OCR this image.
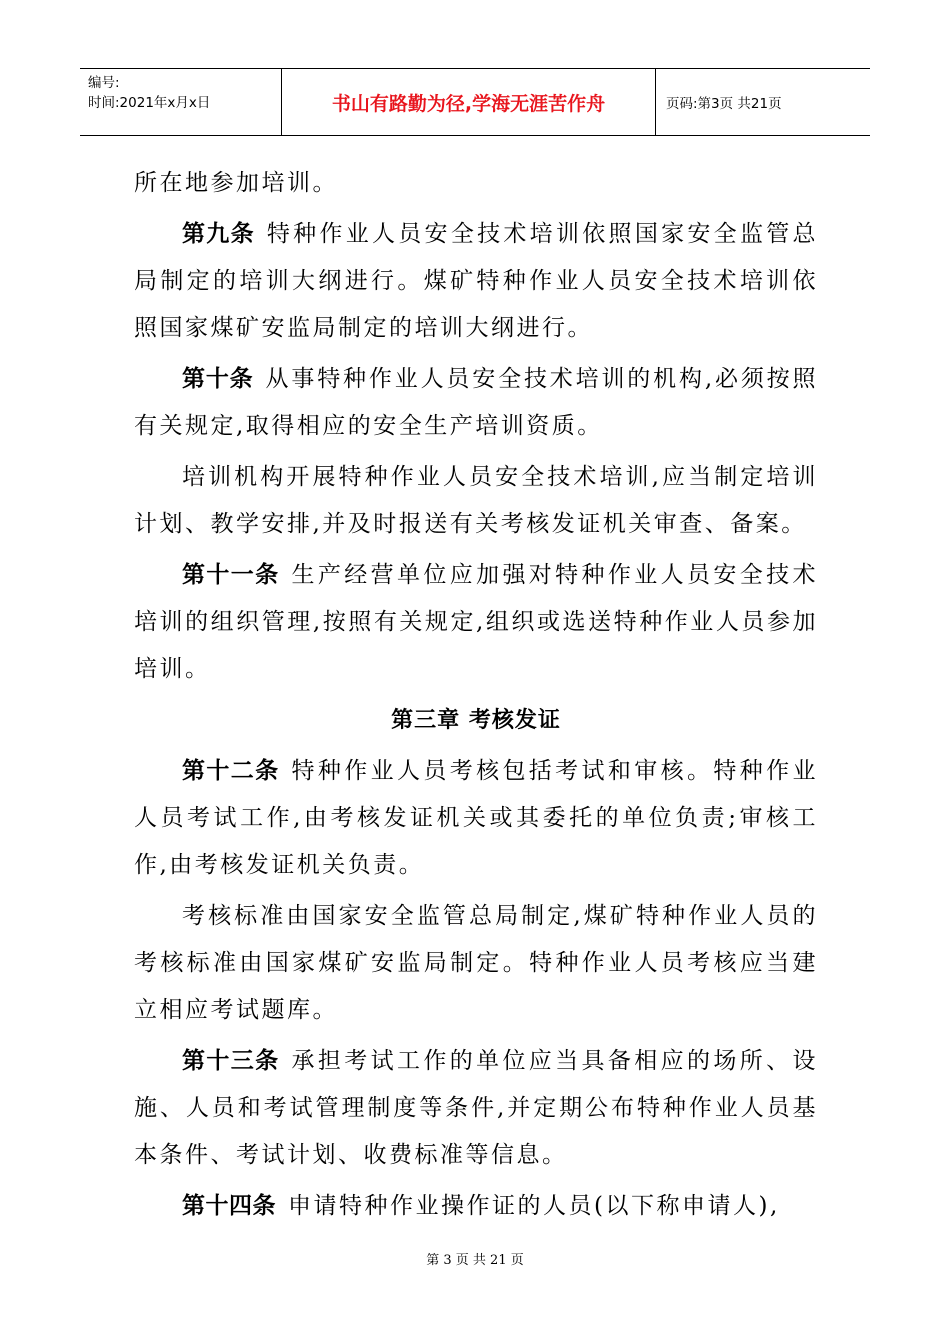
编号:
时间:2021年x月x日	书山有路勤为径,学海无涯苦作舟	页码:第3页 共21页

所在地参加培训。

第九条 特种作业人员安全技术培训依照国家安全监管总局制定的培训大纲进行。煤矿特种作业人员安全技术培训依照国家煤矿安监局制定的培训大纲进行。

第十条 从事特种作业人员安全技术培训的机构,必须按照有关规定,取得相应的安全生产培训资质。

培训机构开展特种作业人员安全技术培训,应当制定培训计划、教学安排,并及时报送有关考核发证机关审查、备案。

第十一条 生产经营单位应加强对特种作业人员安全技术培训的组织管理,按照有关规定,组织或选送特种作业人员参加培训。

第三章 考核发证

第十二条 特种作业人员考核包括考试和审核。特种作业人员考试工作,由考核发证机关或其委托的单位负责;审核工作,由考核发证机关负责。

考核标准由国家安全监管总局制定,煤矿特种作业人员的考核标准由国家煤矿安监局制定。特种作业人员考核应当建立相应考试题库。

第十三条 承担考试工作的单位应当具备相应的场所、设施、人员和考试管理制度等条件,并定期公布特种作业人员基本条件、考试计划、收费标准等信息。

第十四条 申请特种作业操作证的人员(以下称申请人),

第 3 页 共 21 页
